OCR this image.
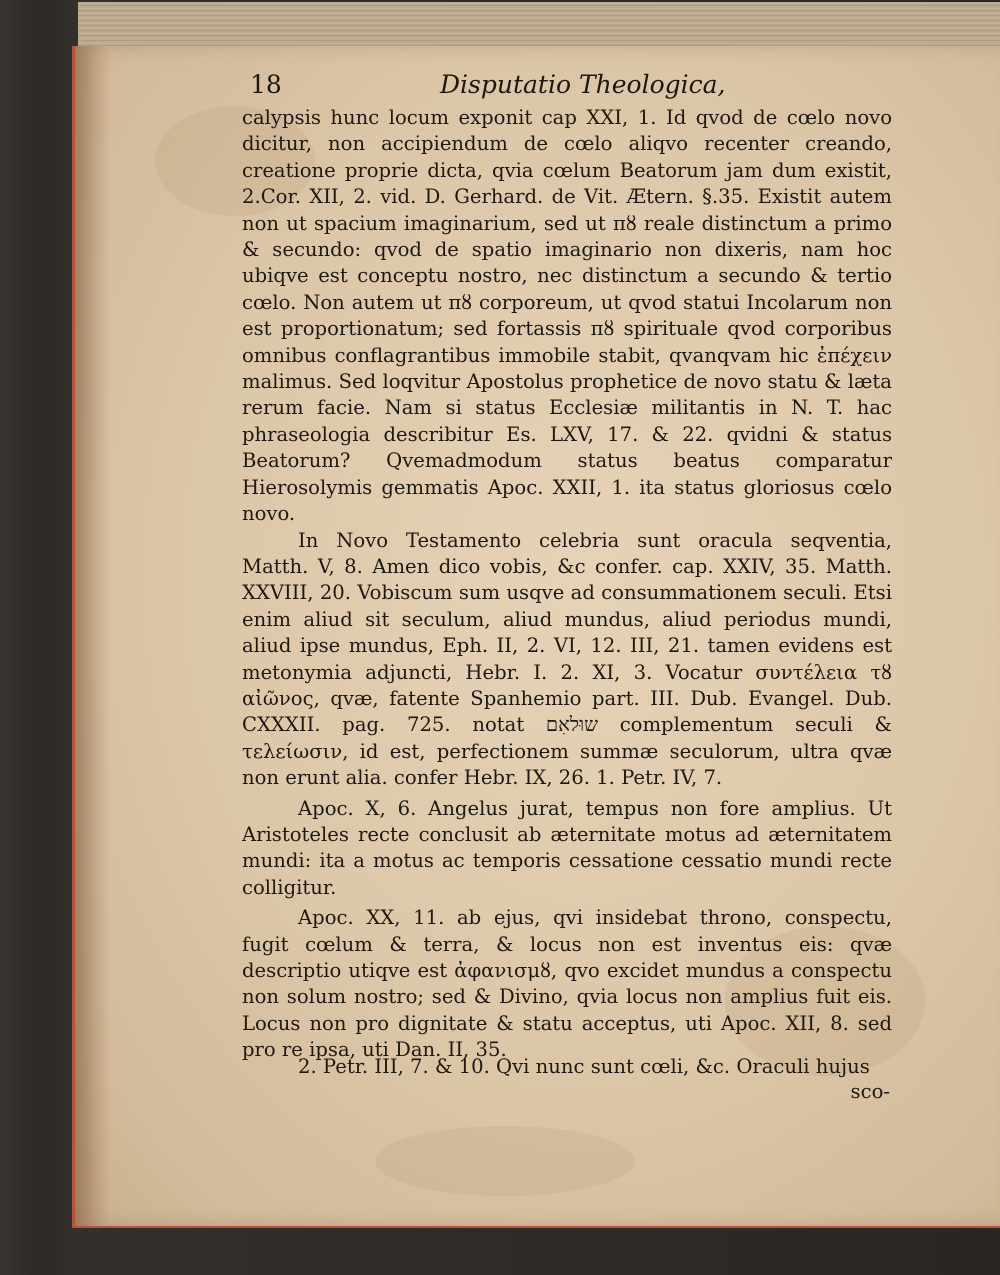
18	Disputatio Theologica,

calypsis hunc locum exponit cap XXI, 1. Id qvod de cœlo novo dicitur, non accipiendum de cœlo aliqvo recenter creando, creatione proprie dicta, qvia cœlum Beatorum jam dum existit, 2.Cor. XII, 2. vid. D. Gerhard. de Vit. Ætern. §.35. Existit autem non ut spacium imaginarium, sed ut πȣ reale distinctum a primo & secundo: qvod de spatio imaginario non dixeris, nam hoc ubiqve est conceptu nostro, nec distinctum a secundo & tertio cœlo. Non autem ut πȣ corporeum, ut qvod statui Incolarum non est proportionatum; sed fortassis πȣ spirituale qvod corporibus omnibus conflagrantibus immobile stabit, qvanqvam hic ἐπέχειν malimus. Sed loqvitur Apostolus prophetice de novo statu & læta rerum facie. Nam si status Ecclesiæ militantis in N. T. hac phraseologia describitur Es. LXV, 17. & 22. qvidni & status Beatorum? Qvemadmodum status beatus comparatur Hierosolymis gemmatis Apoc. XXII, 1. ita status gloriosus cœlo novo.

In Novo Testamento celebria sunt oracula seqventia, Matth. V, 8. Amen dico vobis, &c confer. cap. XXIV, 35. Matth. XXVIII, 20. Vobiscum sum usqve ad consummationem seculi. Etsi enim aliud sit seculum, aliud mundus, aliud periodus mundi, aliud ipse mundus, Eph. II, 2. VI, 12. III, 21. tamen evidens est metonymia adjuncti, Hebr. I. 2. XI, 3. Vocatur συντέλεια τȣ αἰῶνος, qvæ, fatente Spanhemio part. III. Dub. Evangel. Dub. CXXXII. pag. 725. notat שוּלאִם complementum seculi & τελείωσιν, id est, perfectionem summæ seculorum, ultra qvæ non erunt alia. confer Hebr. IX, 26. 1. Petr. IV, 7.

Apoc. X, 6. Angelus jurat, tempus non fore amplius. Ut Aristoteles recte conclusit ab æternitate motus ad æternitatem mundi: ita a motus ac temporis cessatione cessatio mundi recte colligitur.

Apoc. XX, 11. ab ejus, qvi insidebat throno, conspectu, fugit cœlum & terra, & locus non est inventus eis: qvæ descriptio utiqve est ἀφανισμȣ, qvo excidet mundus a conspectu non solum nostro; sed & Divino, qvia locus non amplius fuit eis. Locus non pro dignitate & statu acceptus, uti Apoc. XII, 8. sed pro re ipsa, uti Dan. II, 35.

2. Petr. III, 7. & 10. Qvi nunc sunt cœli, &c. Oraculi hujus
sco-
